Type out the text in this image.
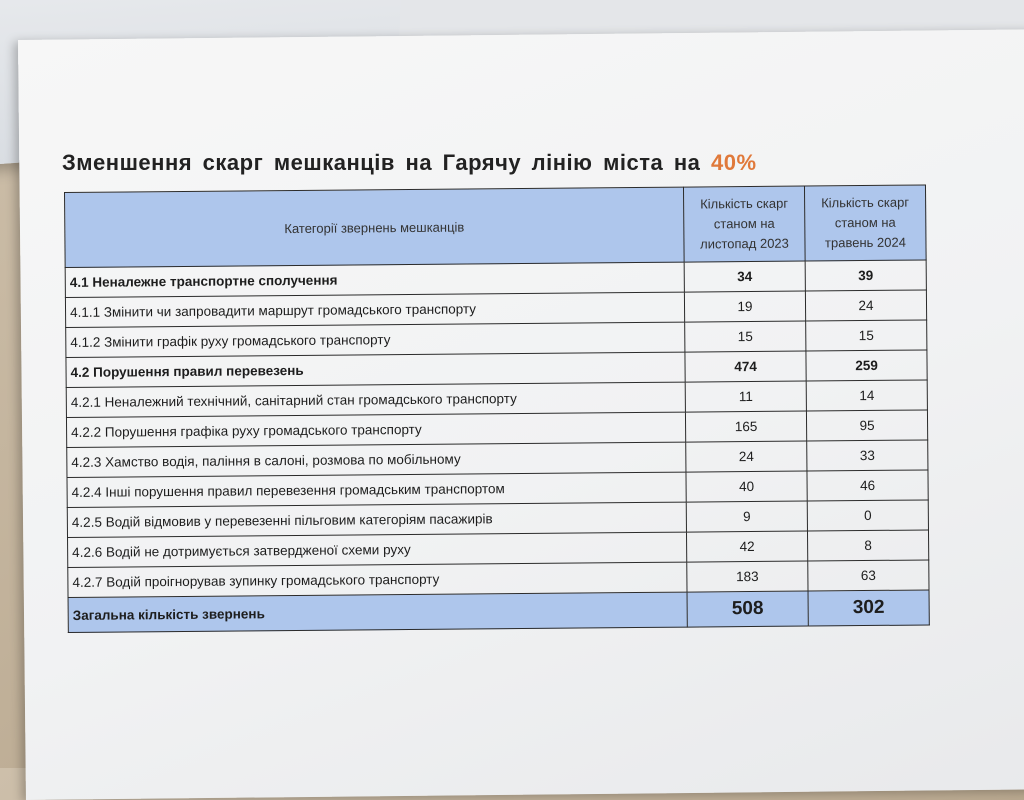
Зменшення скарг мешканців на Гарячу лінію міста на 40%
Категорії звернень мешканців	Кількість скарг станом на листопад 2023	Кількість скарг станом на травень 2024
4.1 Неналежне транспортне сполучення	34	39
4.1.1 Змінити чи запровадити маршрут громадського транспорту	19	24
4.1.2 Змінити графік руху громадського транспорту	15	15
4.2 Порушення правил перевезень	474	259
4.2.1 Неналежний технічний, санітарний стан громадського транспорту	11	14
4.2.2 Порушення графіка руху громадського транспорту	165	95
4.2.3 Хамство водія, паління в салоні, розмова по мобільному	24	33
4.2.4 Інші порушення правил перевезення громадським транспортом	40	46
4.2.5 Водій відмовив у перевезенні пільговим категоріям пасажирів	9	0
4.2.6 Водій не дотримується затвердженої схеми руху	42	8
4.2.7 Водій проігнорував зупинку громадського транспорту	183	63
Загальна кількість звернень	508	302
